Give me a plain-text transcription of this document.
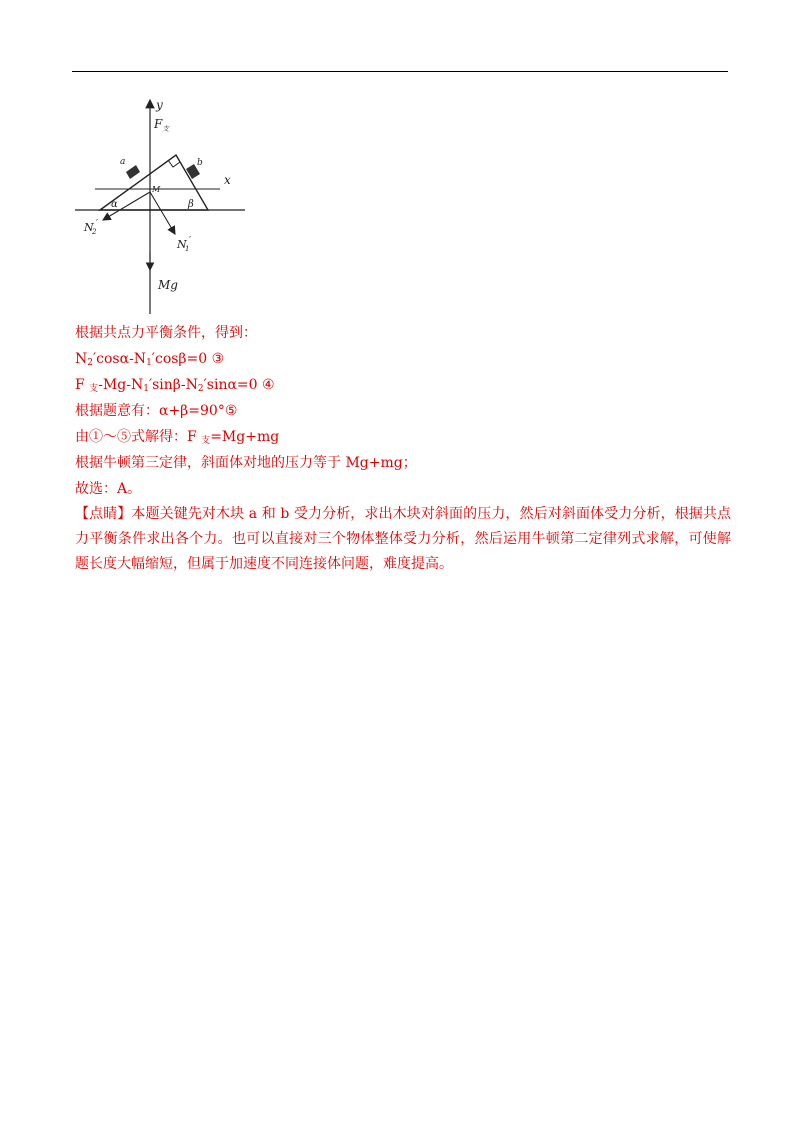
y
F 支
x
a	b
α	β
M
N
2
′
N
1
′
Mg
根据共点力平衡条件，得到：
$N_2'\cos\alpha-N_1'\cos\beta=0$ ③
F $_支-Mg-N_1'\sin\beta-N_2'\sin\alpha=0$ ④
根据题意有：α+β=90°⑤
由①～⑤式解得：F $_支$=Mg+mg
根据牛顿第三定律，斜面体对地的压力等于 Mg+mg；
故选：A。
【点睛】本题关键先对木块 a 和 b 受力分析，求出木块对斜面的压力，然后对斜面体受力分析，根据共点力平衡条件求出各个力。也可以直接对三个物体整体受力分析，然后运用牛顿第二定律列式求解，可使解题长度大幅缩短，但属于加速度不同连接体问题，难度提高。
